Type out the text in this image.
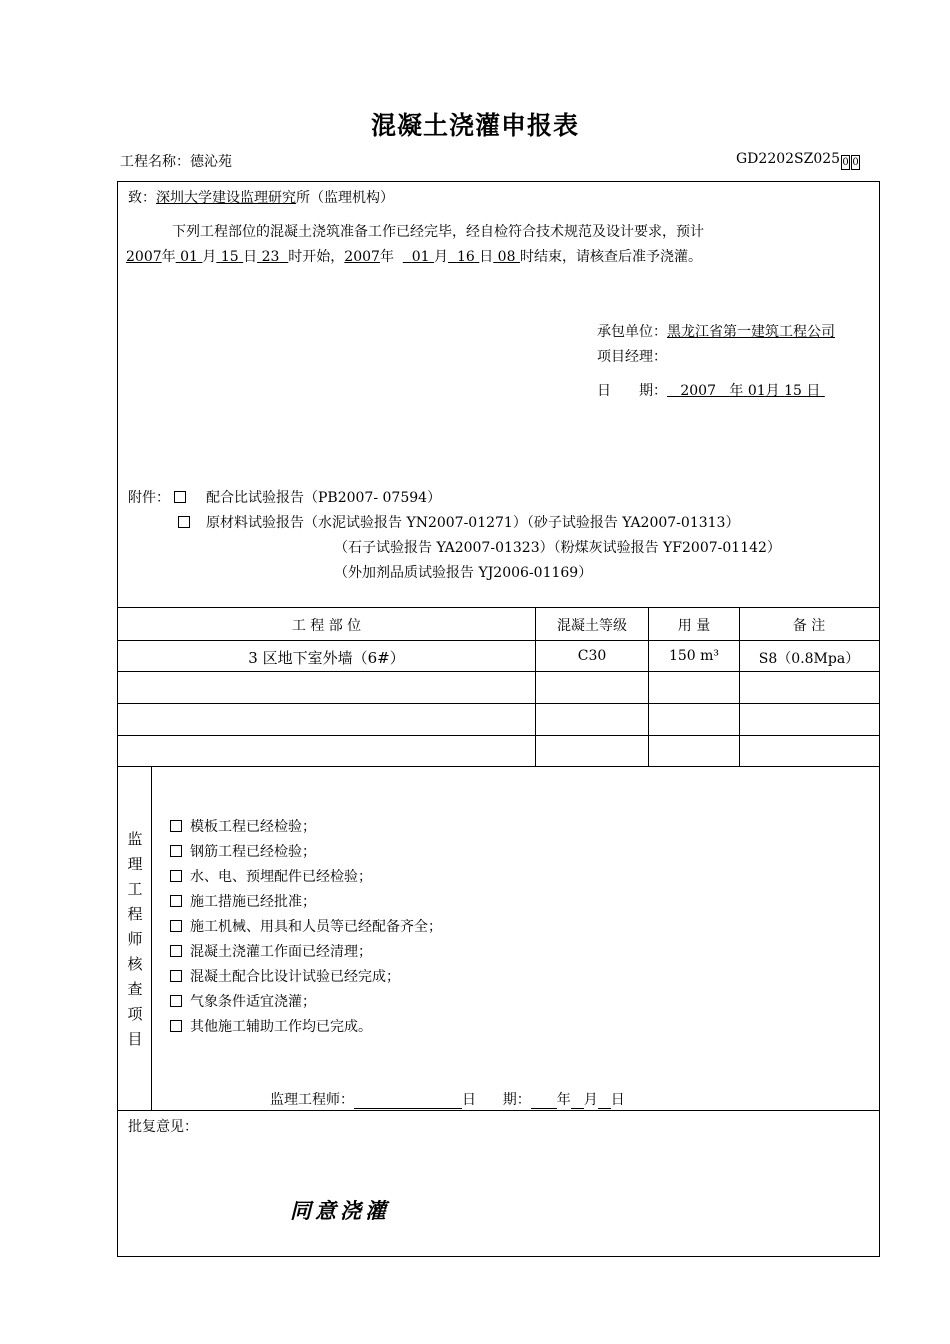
混凝土浇灌申报表
工程名称：德沁苑	GD2202SZ025 0 0
致：深圳大学建设监理研究所（监理机构）
下列工程部位的混凝土浇筑准备工作已经完毕，经自检符合技术规范及设计要求，预计
2007年 01 月 15 日 23 时开始，2007年 01 月 16 日 08 时结束，请核查后准予浇灌。
承包单位：黑龙江省第一建筑工程公司
项目经理：
日　　期： 2007 年 01月 15 日
附件：	配合比试验报告（PB2007- 07594）
原材料试验报告（水泥试验报告 YN2007-01271）（砂子试验报告 YA2007-01313）
（石子试验报告 YA2007-01323）（粉煤灰试验报告 YF2007-01142）
（外加剂品质试验报告 YJ2006-01169）
工 程 部 位	混凝土等级	用 量	备 注
3 区地下室外墙（6#）	C30	150 m³	S8（0.8Mpa）
监
理
工
程
师
核
查
项
目
模板工程已经检验；
钢筋工程已经检验；
水、电、预埋配件已经检验；
施工措施已经批准；
施工机械、用具和人员等已经配备齐全；
混凝土浇灌工作面已经清理；
混凝土配合比设计试验已经完成；
气象条件适宜浇灌；
其他施工辅助工作均已完成。
监理工程师：	日 期： 年 月 日
批复意见：
同意浇灌
